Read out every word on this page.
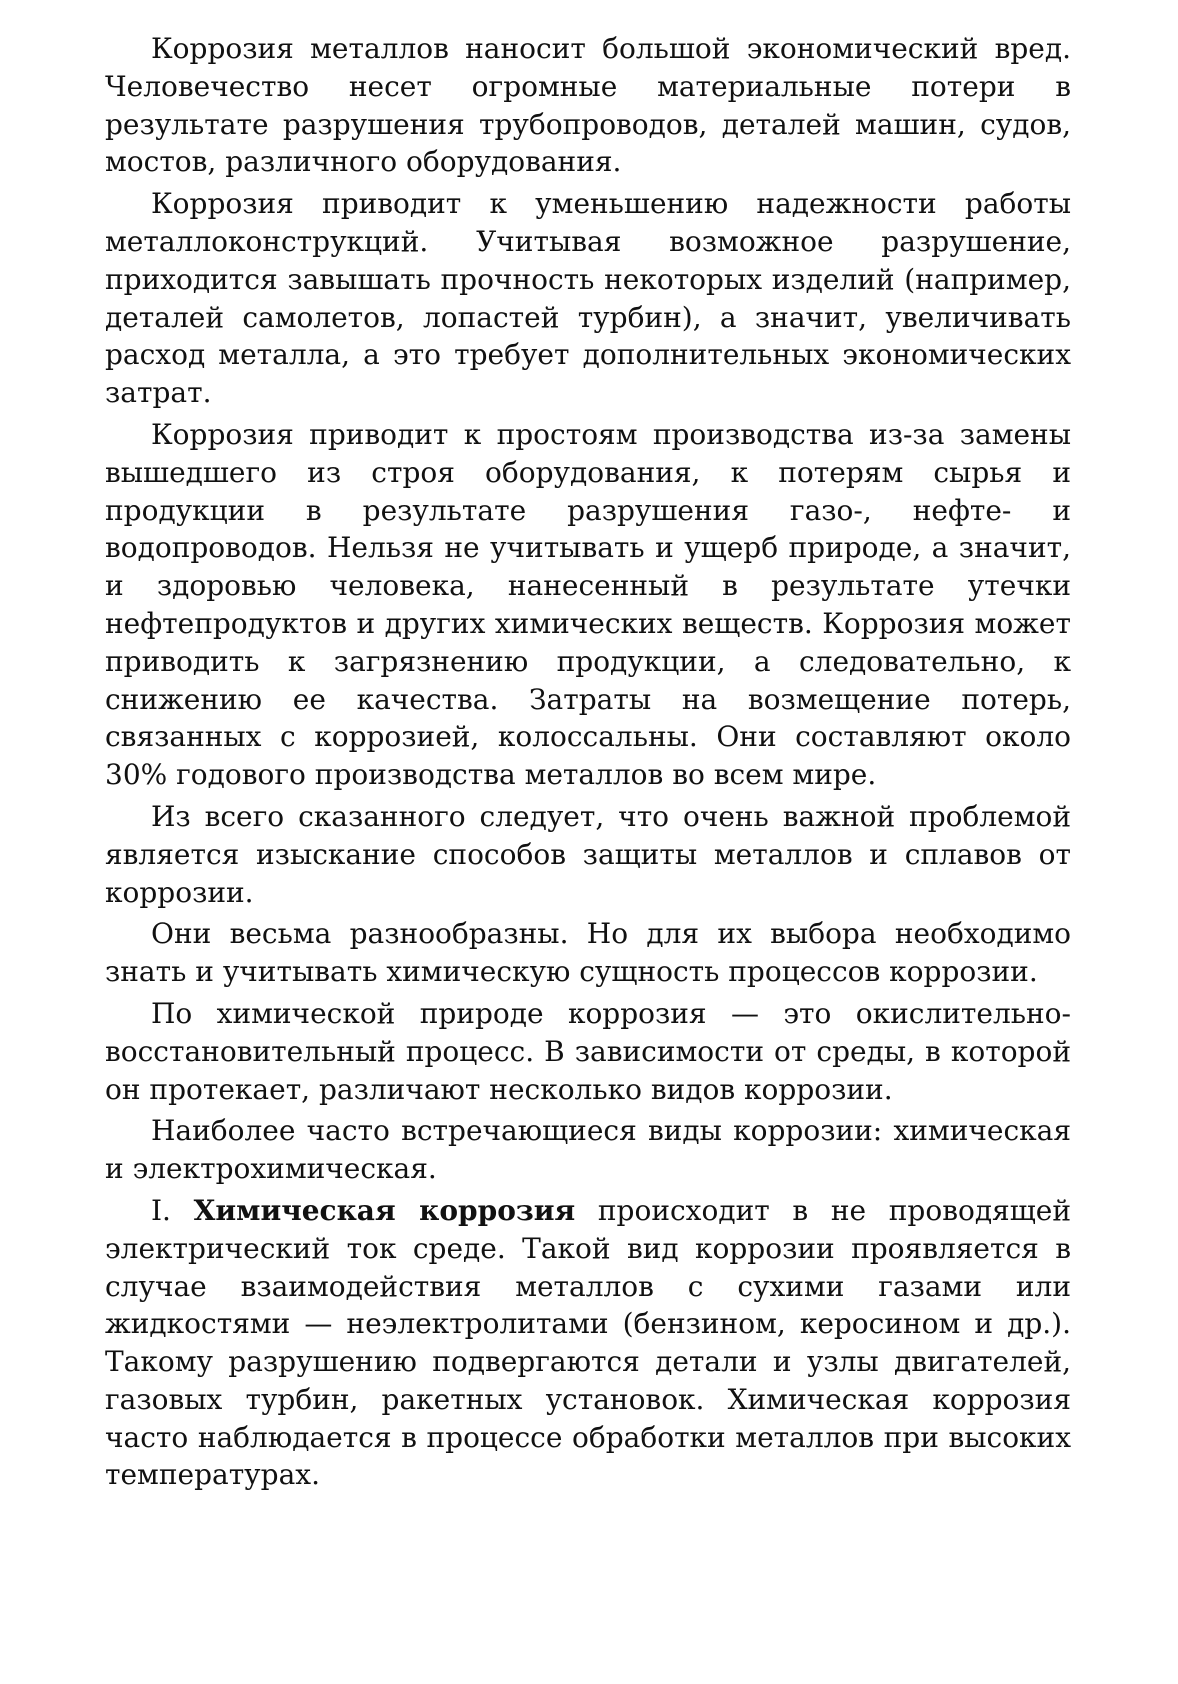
Коррозия металлов наносит большой экономический вред. Человечество несет огромные материальные потери в результате разрушения трубопроводов, деталей машин, судов, мостов, различного оборудования.

Коррозия приводит к уменьшению надежности работы металлоконструкций. Учитывая возможное разрушение, приходится завышать прочность некоторых изделий (например, деталей самолетов, лопастей турбин), а значит, увеличивать расход металла, а это требует дополнительных экономических затрат.

Коррозия приводит к простоям производства из-за замены вышедшего из строя оборудования, к потерям сырья и продукции в результате разрушения газо-, нефте- и водопроводов. Нельзя не учитывать и ущерб природе, а значит, и здоровью человека, нанесенный в результате утечки нефтепродуктов и других химических веществ. Коррозия может приводить к загрязнению продукции, а следовательно, к снижению ее качества. Затраты на возмещение потерь, связанных с коррозией, колоссальны. Они составляют около 30% годового производства металлов во всем мире.

Из всего сказанного следует, что очень важной проблемой является изыскание способов защиты металлов и сплавов от коррозии.

Они весьма разнообразны. Но для их выбора необходимо знать и учитывать химическую сущность процессов коррозии.

По химической природе коррозия — это окислительно-восстановительный процесс. В зависимости от среды, в которой он протекает, различают несколько видов коррозии.

Наиболее часто встречающиеся виды коррозии: химическая и электрохимическая.

I. Химическая коррозия происходит в не проводящей электрический ток среде. Такой вид коррозии проявляется в случае взаимодействия металлов с сухими газами или жидкостями — неэлектролитами (бензином, керосином и др.). Такому разрушению подвергаются детали и узлы двигателей, газовых турбин, ракетных установок. Химическая коррозия часто наблюдается в процессе обработки металлов при высоких температурах.
